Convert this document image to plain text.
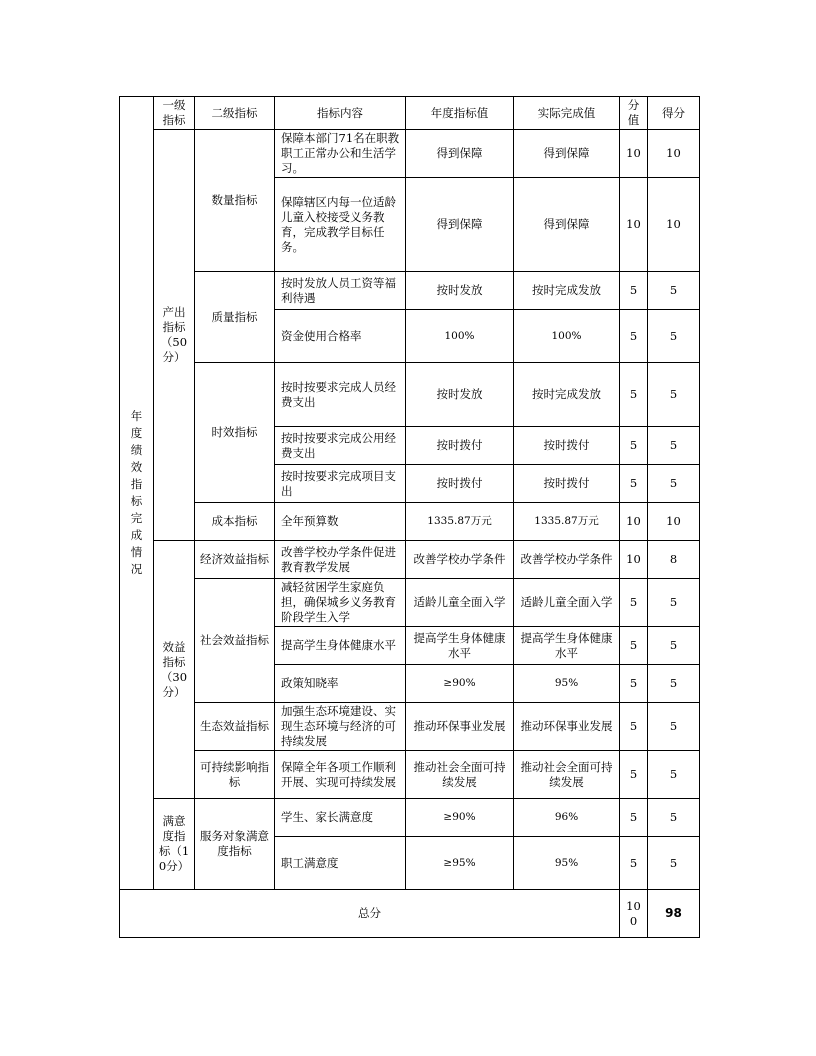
年度绩效指标完成情况	一级指标	二级指标	指标内容	年度指标值	实际完成值	分值	得分
	产出指标（50分）	数量指标	保障本部门71名在职教职工正常办公和生活学习。	得到保障	得到保障	10	10
			保障辖区内每一位适龄儿童入校接受义务教育，完成教学目标任务。	得到保障	得到保障	10	10
		质量指标	按时发放人员工资等福利待遇	按时发放	按时完成发放	5	5
			资金使用合格率	100%	100%	5	5
		时效指标	按时按要求完成人员经费支出	按时发放	按时完成发放	5	5
			按时按要求完成公用经费支出	按时拨付	按时拨付	5	5
			按时按要求完成项目支出	按时拨付	按时拨付	5	5
		成本指标	全年预算数	1335.87万元	1335.87万元	10	10
	效益指标（30分）	经济效益指标	改善学校办学条件促进教育教学发展	改善学校办学条件	改善学校办学条件	10	8
		社会效益指标	减轻贫困学生家庭负担，确保城乡义务教育阶段学生入学	适龄儿童全面入学	适龄儿童全面入学	5	5
			提高学生身体健康水平	提高学生身体健康水平	提高学生身体健康水平	5	5
			政策知晓率	≥90%	95%	5	5
		生态效益指标	加强生态环境建设、实现生态环境与经济的可持续发展	推动环保事业发展	推动环保事业发展	5	5
		可持续影响指标	保障全年各项工作顺利开展、实现可持续发展	推动社会全面可持续发展	推动社会全面可持续发展	5	5
	满意度指标（10分）	服务对象满意度指标	学生、家长满意度	≥90%	96%	5	5
			职工满意度	≥95%	95%	5	5
总分						100	98
